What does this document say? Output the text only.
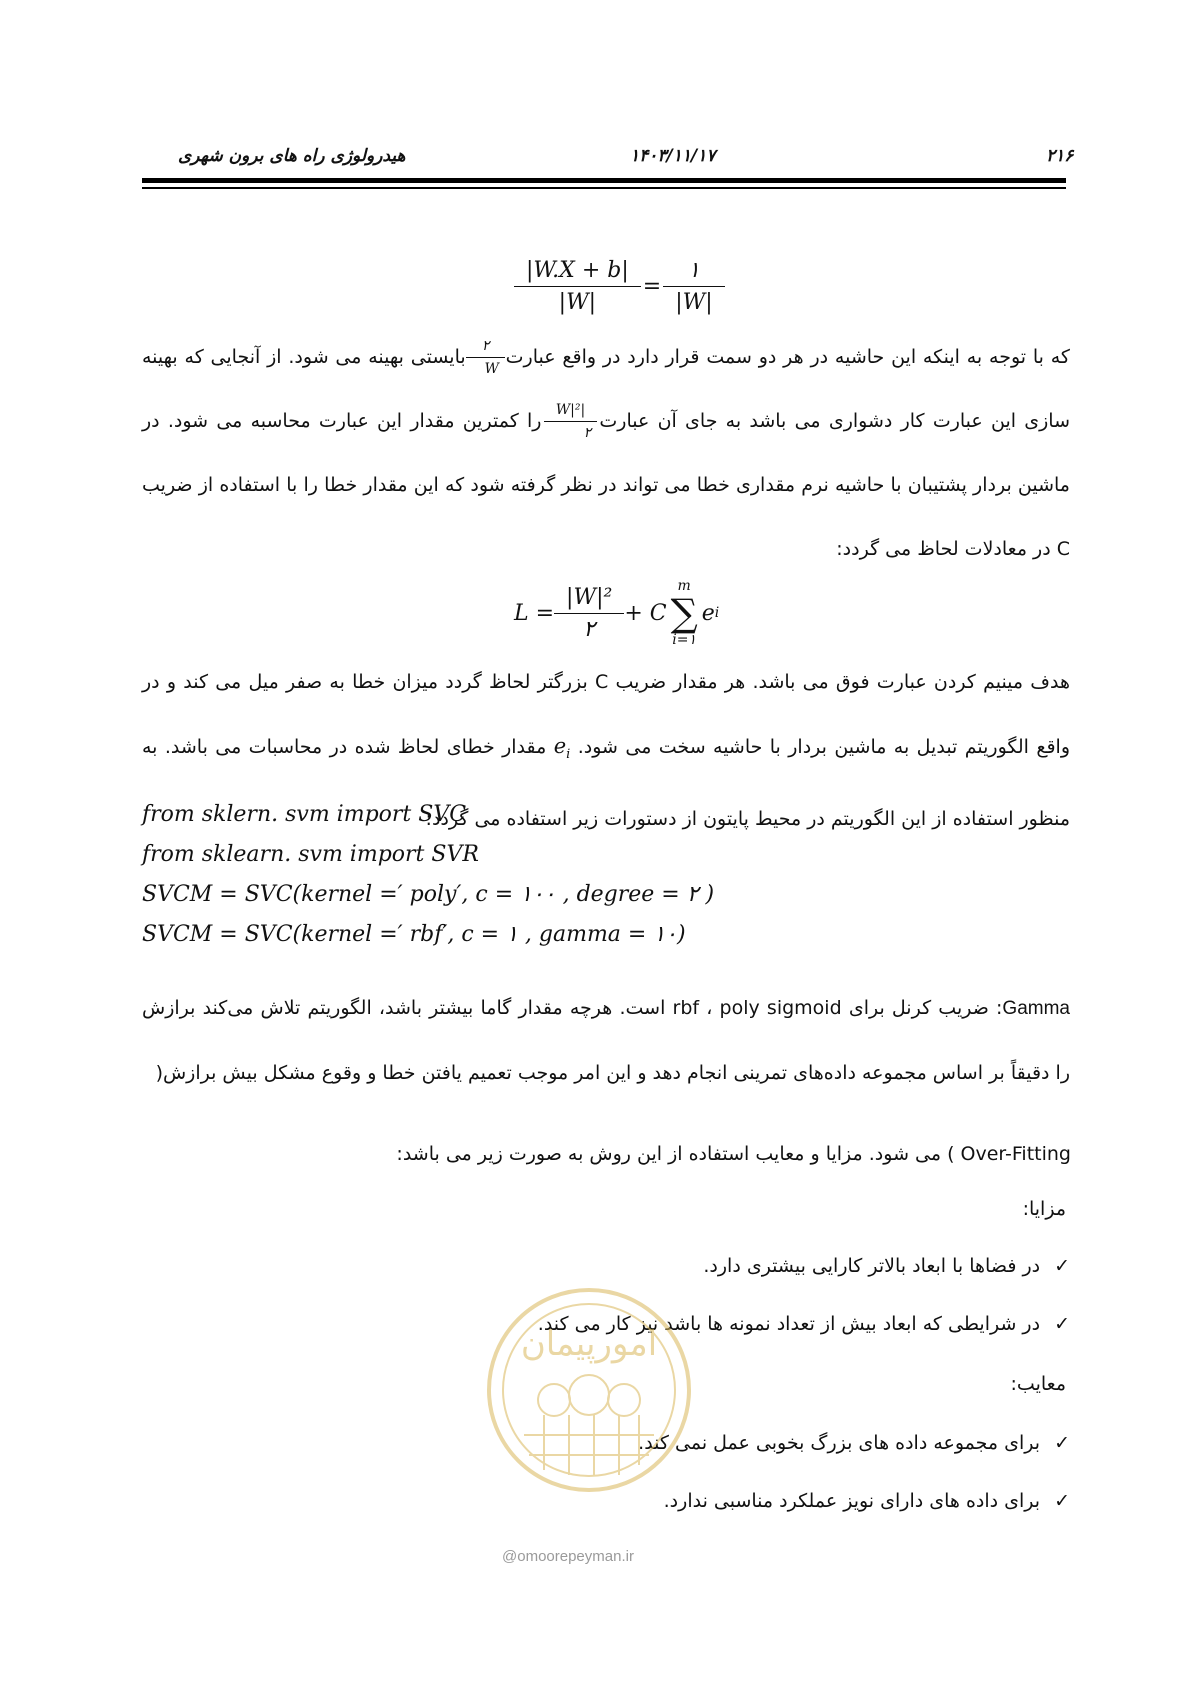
۲۱۶
۱۴۰۳/۱۱/۱۷
هیدرولوژی راه های برون شهری
$\frac{|W.X + b|}{|W|} = \frac{۱}{|W|}$
که با توجه به اینکه این حاشیه در هر دو سمت قرار دارد در واقع عبارت
$\frac{۲}{W}$
بایستی بهینه می شود. از آنجایی که بهینه سازی این عبارت کار دشواری می باشد به جای آن عبارت
$\frac{\text{|W|²}}{۲}$
را کمترین مقدار این عبارت محاسبه می شود. در ماشین بردار پشتیبان با حاشیه نرم مقداری خطا می تواند در نظر گرفته شود که این مقدار خطا را با استفاده از ضریب C در معادلات لحاظ می گردد:
$L = \frac{\text{|W|²}}{۲} + C$
m
∑
i=۱
e i
هدف مینیم کردن عبارت فوق می باشد. هر مقدار ضریب C بزرگتر لحاظ گردد میزان خطا به صفر میل می کند و در واقع الگوریتم تبدیل به ماشین بردار با حاشیه سخت می شود. $e_i$ مقدار خطای لحاظ شده در محاسبات می باشد. به منظور استفاده از این الگوریتم در محیط پایتون از دستورات زیر استفاده می گردد:
from sklern. svm import SVC
from sklearn. svm import SVR
SVCM = SVC(kernel =′ poly′, c = ۱۰۰ , degree = ۲ )
SVCM = SVC(kernel =′ rbf′, c = ۱ , gamma = ۱۰)
Gamma: ضریب کرنل برای rbf ، poly sigmoid است. هرچه مقدار گاما بیشتر باشد، الگوریتم تلاش می‌کند برازش را دقیقاً بر اساس مجموعه داده‌های تمرینی انجام دهد و این امر موجب تعمیم یافتن خطا و وقوع مشکل بیش برازش(
Over-Fitting ) می شود. مزایا و معایب استفاده از این روش به صورت زیر می باشد:
مزایا:
✓در فضاها با ابعاد بالاتر کارایی بیشتری دارد.
✓در شرایطی که ابعاد بیش از تعداد نمونه ها باشد نیز کار می کند.
معایب:
✓برای مجموعه داده های بزرگ بخوبی عمل نمی کند.
✓برای داده های دارای نویز عملکرد مناسبی ندارد.
امورپیمان
@omoorepeyman.ir
